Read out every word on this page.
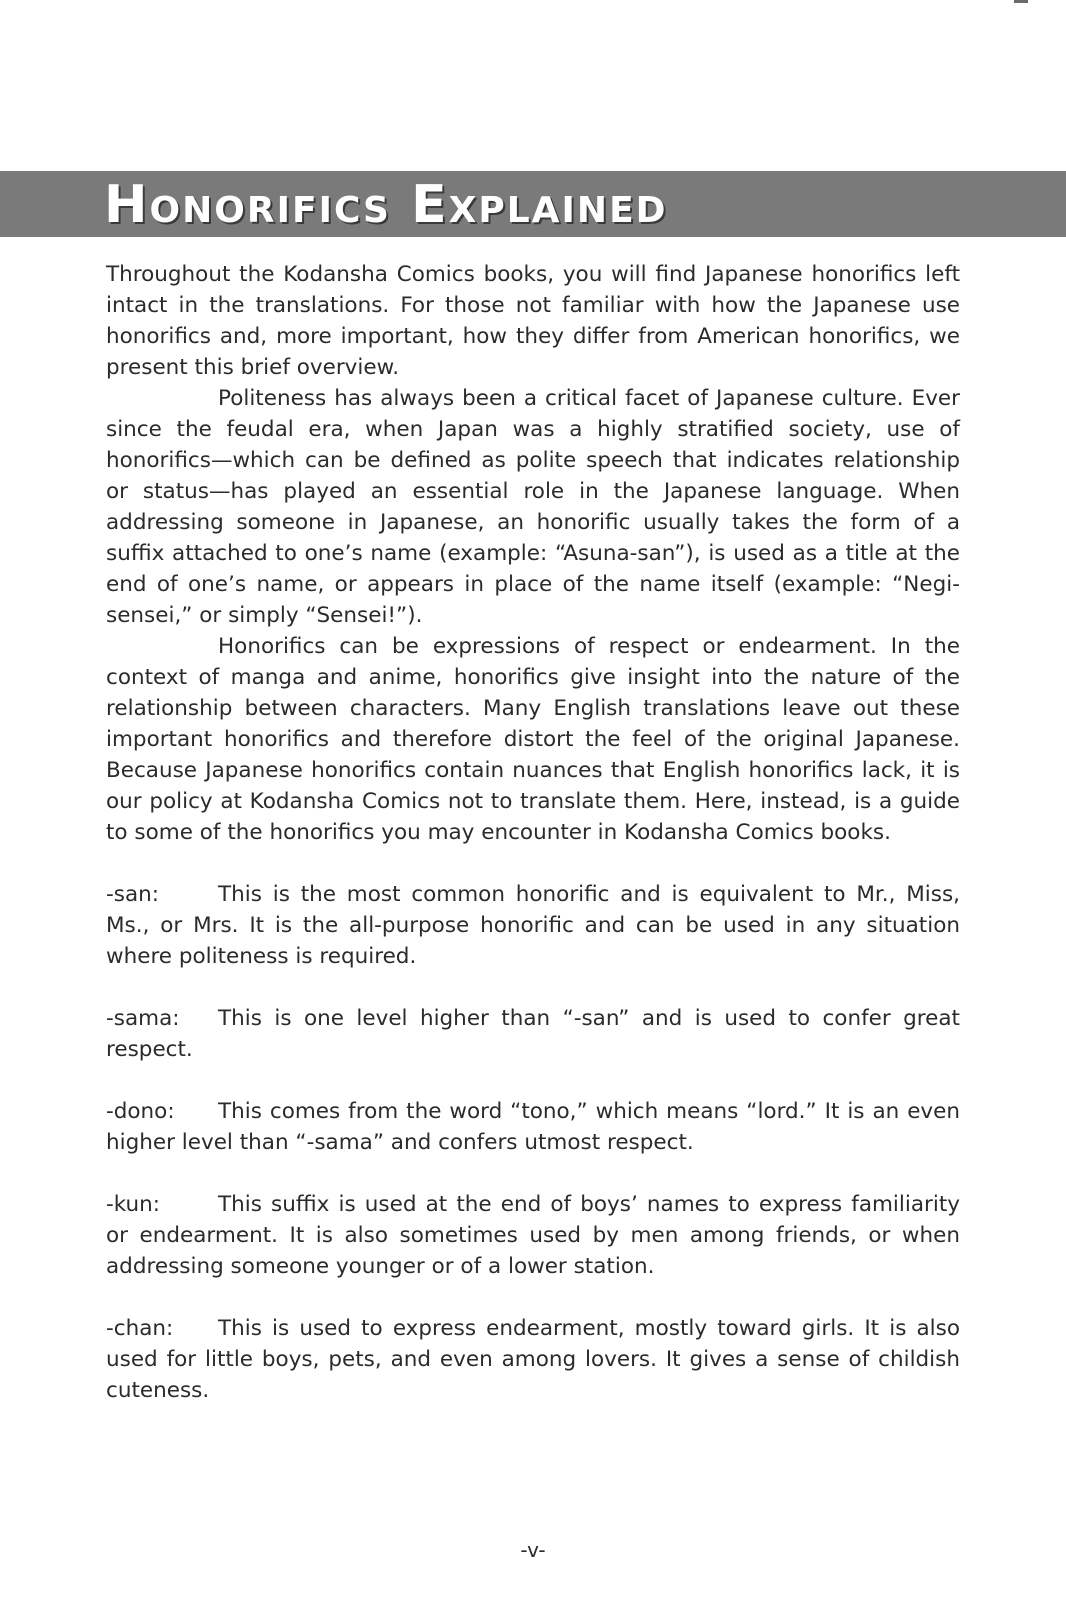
Honorifics Explained

Throughout the Kodansha Comics books, you will find Japanese honorifics left intact in the translations. For those not familiar with how the Japanese use honorifics and, more important, how they differ from American honorifics, we present this brief overview.

Politeness has always been a critical facet of Japanese culture. Ever since the feudal era, when Japan was a highly stratified society, use of honorifics—which can be defined as polite speech that indicates relationship or status—has played an essential role in the Japanese language. When addressing someone in Japanese, an honorific usually takes the form of a suffix attached to one’s name (example: “Asuna-san”), is used as a title at the end of one’s name, or appears in place of the name itself (example: “Negi-sensei,” or simply “Sensei!”).

Honorifics can be expressions of respect or endearment. In the context of manga and anime, honorifics give insight into the nature of the relationship between characters. Many English translations leave out these important honorifics and therefore distort the feel of the original Japanese. Because Japanese honorifics contain nuances that English honorifics lack, it is our policy at Kodansha Comics not to translate them. Here, instead, is a guide to some of the honorifics you may encounter in Kodansha Comics books.

-san:	This is the most common honorific and is equivalent to Mr., Miss, Ms., or Mrs. It is the all-purpose honorific and can be used in any situation where politeness is required.

-sama: This is one level higher than “-san” and is used to confer great respect.

-dono: This comes from the word “tono,” which means “lord.” It is an even higher level than “-sama” and confers utmost respect.

-kun:	This suffix is used at the end of boys’ names to express familiarity or endearment. It is also sometimes used by men among friends, or when addressing someone younger or of a lower station.

-chan: This is used to express endearment, mostly toward girls. It is also used for little boys, pets, and even among lovers. It gives a sense of childish cuteness.

-v-
